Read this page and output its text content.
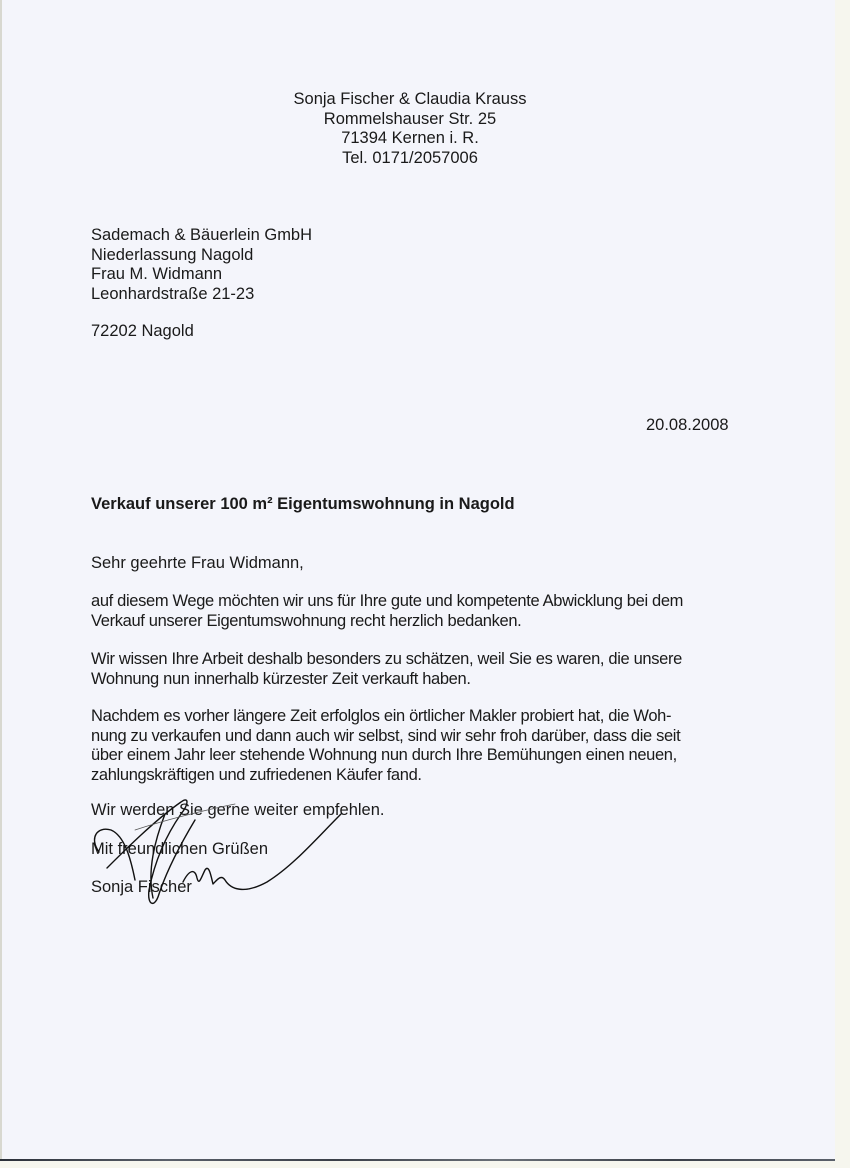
Sonja Fischer & Claudia Krauss
Rommelshauser Str. 25
71394 Kernen i. R.
Tel. 0171/2057006
Sademach & Bäuerlein GmbH
Niederlassung Nagold
Frau M. Widmann
Leonhardstraße 21-23
72202 Nagold
20.08.2008
Verkauf unserer 100 m² Eigentumswohnung in Nagold
Sehr geehrte Frau Widmann,
auf diesem Wege möchten wir uns für Ihre gute und kompetente Abwicklung bei dem
Verkauf unserer Eigentumswohnung recht herzlich bedanken.
Wir wissen Ihre Arbeit deshalb besonders zu schätzen, weil Sie es waren, die unsere
Wohnung nun innerhalb kürzester Zeit verkauft haben.
Nachdem es vorher längere Zeit erfolglos ein örtlicher Makler probiert hat, die Woh-
nung zu verkaufen und dann auch wir selbst, sind wir sehr froh darüber, dass die seit
über einem Jahr leer stehende Wohnung nun durch Ihre Bemühungen einen neuen,
zahlungskräftigen und zufriedenen Käufer fand.
Wir werden Sie gerne weiter empfehlen.
Mit freundlichen Grüßen
Sonja Fischer
